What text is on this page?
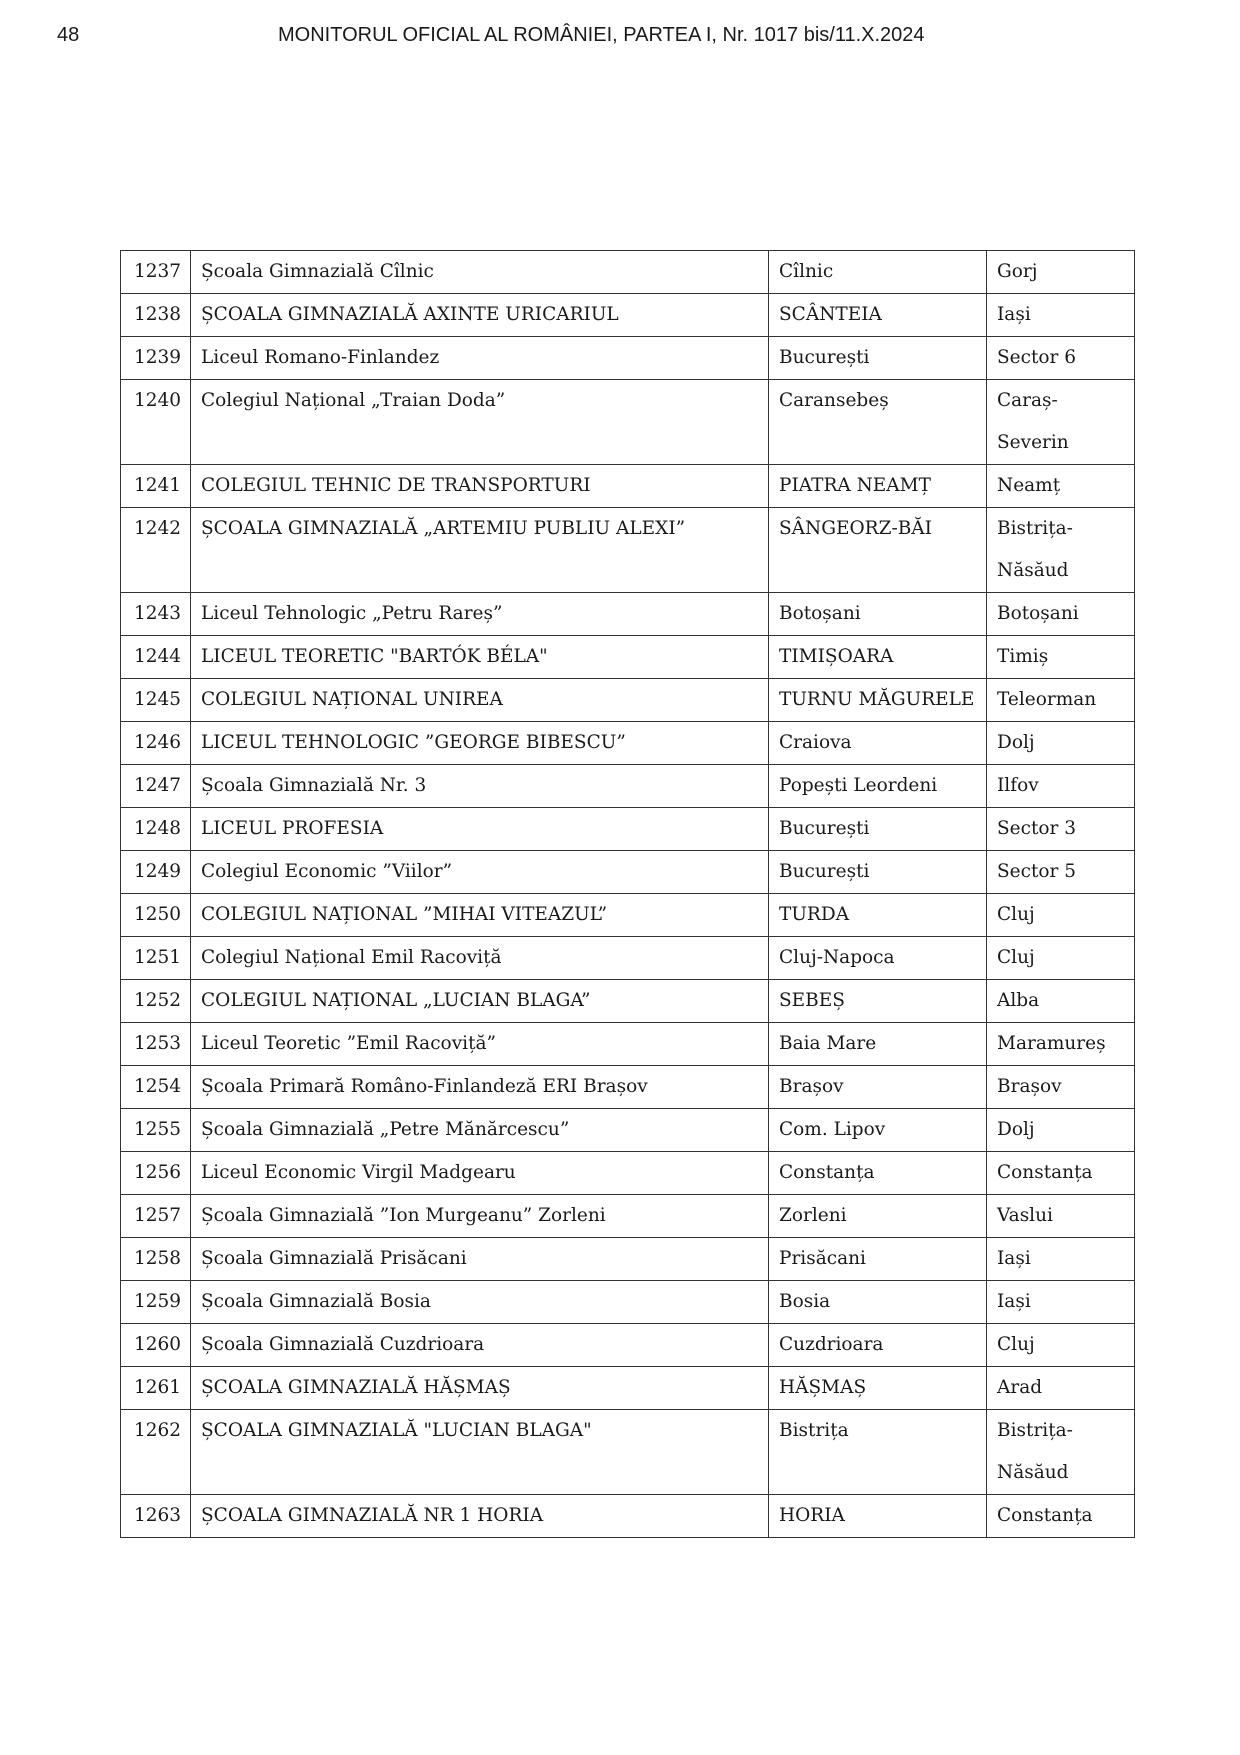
48	MONITORUL OFICIAL AL ROMÂNIEI, PARTEA I, Nr. 1017 bis/11.X.2024
1237	Școala Gimnazială Cîlnic	Cîlnic	Gorj
1238	ȘCOALA GIMNAZIALĂ AXINTE URICARIUL	SCÂNTEIA	Iași
1239	Liceul Romano-Finlandez	București	Sector 6
1240	Colegiul Național „Traian Doda”	Caransebeș	Caraș-Severin
1241	COLEGIUL TEHNIC DE TRANSPORTURI	PIATRA NEAMȚ	Neamț
1242	ȘCOALA GIMNAZIALĂ „ARTEMIU PUBLIU ALEXI”	SÂNGEORZ-BĂI	Bistrița-Năsăud
1243	Liceul Tehnologic „Petru Rareș”	Botoșani	Botoșani
1244	LICEUL TEORETIC "BARTÓK BÉLA"	TIMIȘOARA	Timiș
1245	COLEGIUL NAȚIONAL UNIREA	TURNU MĂGURELE	Teleorman
1246	LICEUL TEHNOLOGIC ”GEORGE BIBESCU”	Craiova	Dolj
1247	Școala Gimnazială Nr. 3	Popești Leordeni	Ilfov
1248	LICEUL PROFESIA	București	Sector 3
1249	Colegiul Economic ”Viilor”	București	Sector 5
1250	COLEGIUL NAȚIONAL ”MIHAI VITEAZUL”	TURDA	Cluj
1251	Colegiul Național Emil Racoviță	Cluj-Napoca	Cluj
1252	COLEGIUL NAȚIONAL „LUCIAN BLAGA”	SEBEȘ	Alba
1253	Liceul Teoretic ”Emil Racoviță”	Baia Mare	Maramureș
1254	Școala Primară Româno-Finlandeză ERI Brașov	Brașov	Brașov
1255	Școala Gimnazială „Petre Mănărcescu”	Com. Lipov	Dolj
1256	Liceul Economic Virgil Madgearu	Constanța	Constanța
1257	Școala Gimnazială ”Ion Murgeanu” Zorleni	Zorleni	Vaslui
1258	Școala Gimnazială Prisăcani	Prisăcani	Iași
1259	Școala Gimnazială Bosia	Bosia	Iași
1260	Școala Gimnazială Cuzdrioara	Cuzdrioara	Cluj
1261	ȘCOALA GIMNAZIALĂ HĂȘMAȘ	HĂȘMAȘ	Arad
1262	ȘCOALA GIMNAZIALĂ "LUCIAN BLAGA"	Bistrița	Bistrița-Năsăud
1263	ȘCOALA GIMNAZIALĂ NR 1 HORIA	HORIA	Constanța
